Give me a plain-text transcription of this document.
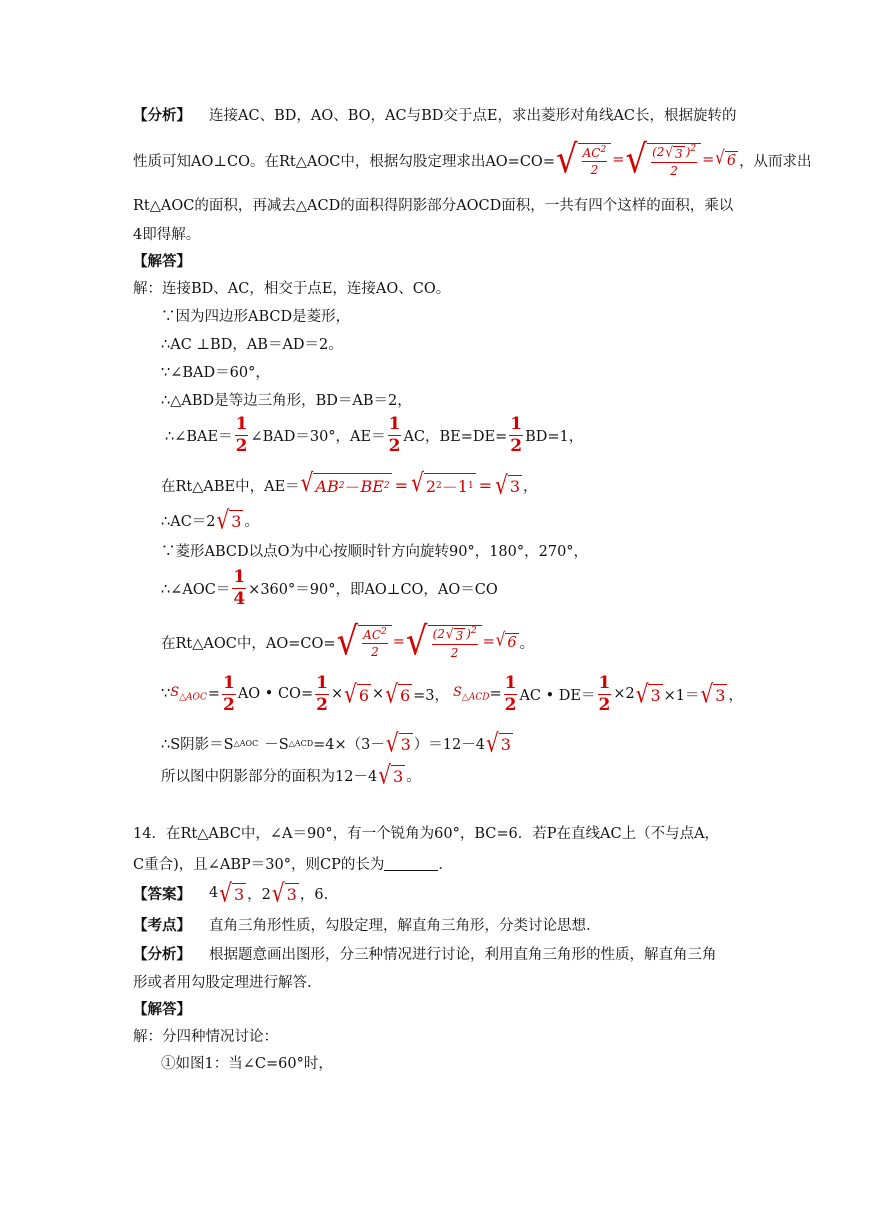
【分析】 连接AC、BD，AO、BO，AC与BD交于点E，求出菱形对角线AC长，根据旋转的
性质可知AO⊥CO。在Rt△AOC中，根据勾股定理求出AO=CO= √ $\frac{AC^2}{2}$ = √ $\frac{(2 √ 3 )^2}{2}$ = √ 6 ，从而求出
Rt△AOC的面积，再减去△ACD的面积得阴影部分AOCD面积，一共有四个这样的面积，乘以
4即得解。
【解答】
解：连接BD、AC，相交于点E，连接AO、CO。
∵因为四边形ABCD是菱形，
∴AC ⊥BD，AB＝AD＝2。
∵∠BAD＝60°，
∴△ABD是等边三角形，BD＝AB＝2，
∴∠BAE＝ $\frac{1}{2}$ ∠BAD＝30°，$AE= \frac{1}{2}$ AC，$BE=DE= \frac{1}{2} BD=1$，
在Rt△ABE中，AE＝ √ AB 2 － BE 2 = √ 2 2 － 1 1 = √ 3 ，
∴AC＝2 √ 3 。
∵菱形ABCD以点O为中心按顺时针方向旋转90°，180°，270°，
∴∠AOC＝ $\frac{1}{4} \times 360^\circ=90^\circ$，即AO⊥CO，AO＝CO
在Rt△AOC中，AO=CO= √ $\frac{AC^2}{2}$ = √ $\frac{(2 √ 3 )^2}{2}$ = √ 6 。
∵ $S_{\triangle AOC} = \frac{1}{2}$ AO • $CO= \frac{1}{2}$ × √ 6 × √ 6 =3， $S_{\triangle ACD} = \frac{1}{2}$ AC • $DE= \frac{1}{2} \times 2$ √ 3 ×1＝ √ 3 ，
∴S阴影＝S △AOC －S △ACD =4×（3－ √ 3 ）＝12－4 √ 3
所以图中阴影部分的面积为12－4 √ 3 。
14．在Rt△ABC中，∠A＝90°，有一个锐角为60°，BC=6．若P在直线AC上（不与点A，
C重合)，且∠ABP＝30°，则CP的长为	．
【答案】 4 √ 3 ，2 √ 3 ，6.
【考点】 直角三角形性质，勾股定理，解直角三角形，分类讨论思想.
【分析】 根据题意画出图形，分三种情况进行讨论，利用直角三角形的性质，解直角三角
形或者用勾股定理进行解答.
【解答】
解：分四种情况讨论：
①如图1：当∠C=60°时，
